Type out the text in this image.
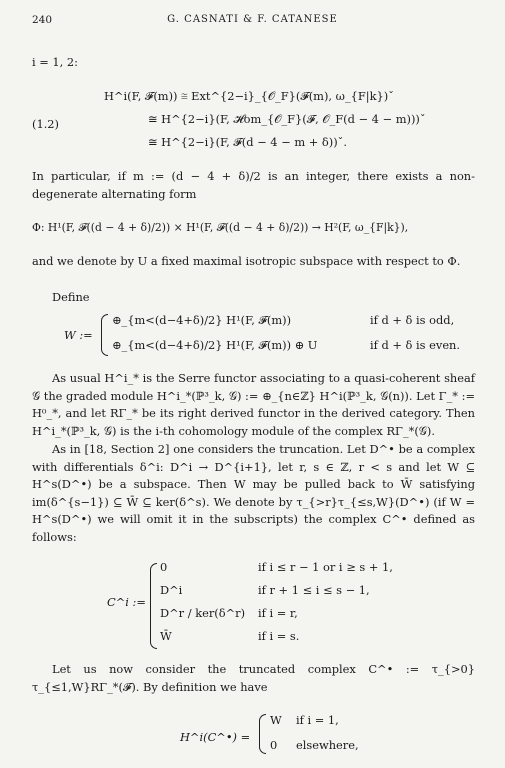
240	G. CASNATI & F. CATANESE
i = 1, 2:
(1.2)
H^i(F, 𝓕(m)) ≅ Ext^{2−i}_{𝒪_F}(𝓕(m), ω_{F|k})ˇ
≅ H^{2−i}(F, 𝓗om_{𝒪_F}(𝓕, 𝒪_F(d − 4 − m)))ˇ
≅ H^{2−i}(F, 𝓕(d − 4 − m + δ))ˇ.
In particular, if m := (d − 4 + δ)/2 is an integer, there exists a non-degenerate alternating form
Φ: H¹(F, 𝓕((d − 4 + δ)/2)) × H¹(F, 𝓕((d − 4 + δ)/2)) → H²(F, ω_{F|k}),
and we denote by U a fixed maximal isotropic subspace with respect to Φ.
Define
W :=
⊕_{m<(d−4+δ)/2} H¹(F, 𝓕(m))	if d + δ is odd,
⊕_{m<(d−4+δ)/2} H¹(F, 𝓕(m)) ⊕ U	if d + δ is even.
As usual H^i_* is the Serre functor associating to a quasi-coherent sheaf 𝒢 the graded module H^i_*(ℙ³_k, 𝒢) := ⊕_{n∈ℤ} H^i(ℙ³_k, 𝒢(n)). Let Γ_* := H⁰_*, and let RΓ_* be its right derived functor in the derived category. Then H^i_*(ℙ³_k, 𝒢) is the i-th cohomology module of the complex RΓ_*(𝒢).
As in [18, Section 2] one considers the truncation. Let D^• be a complex with differentials δ^i: D^i → D^{i+1}, let r, s ∈ ℤ, r < s and let W ⊆ H^s(D^•) be a subspace. Then W may be pulled back to W̄ satisfying im(δ^{s−1}) ⊆ W̄ ⊆ ker(δ^s). We denote by τ_{>r}τ_{≤s,W}(D^•) (if W = H^s(D^•) we will omit it in the subscripts) the complex C^• defined as follows:
C^i :=
0	if i ≤ r − 1 or i ≥ s + 1,
D^i	if r + 1 ≤ i ≤ s − 1,
D^r / ker(δ^r) if i = r,
W̄	if i = s.
Let us now consider the truncated complex C^• := τ_{>0}τ_{≤1,W}RΓ_*(𝓕). By definition we have
H^i(C^•) =
W if i = 1,
0 elsewhere,
